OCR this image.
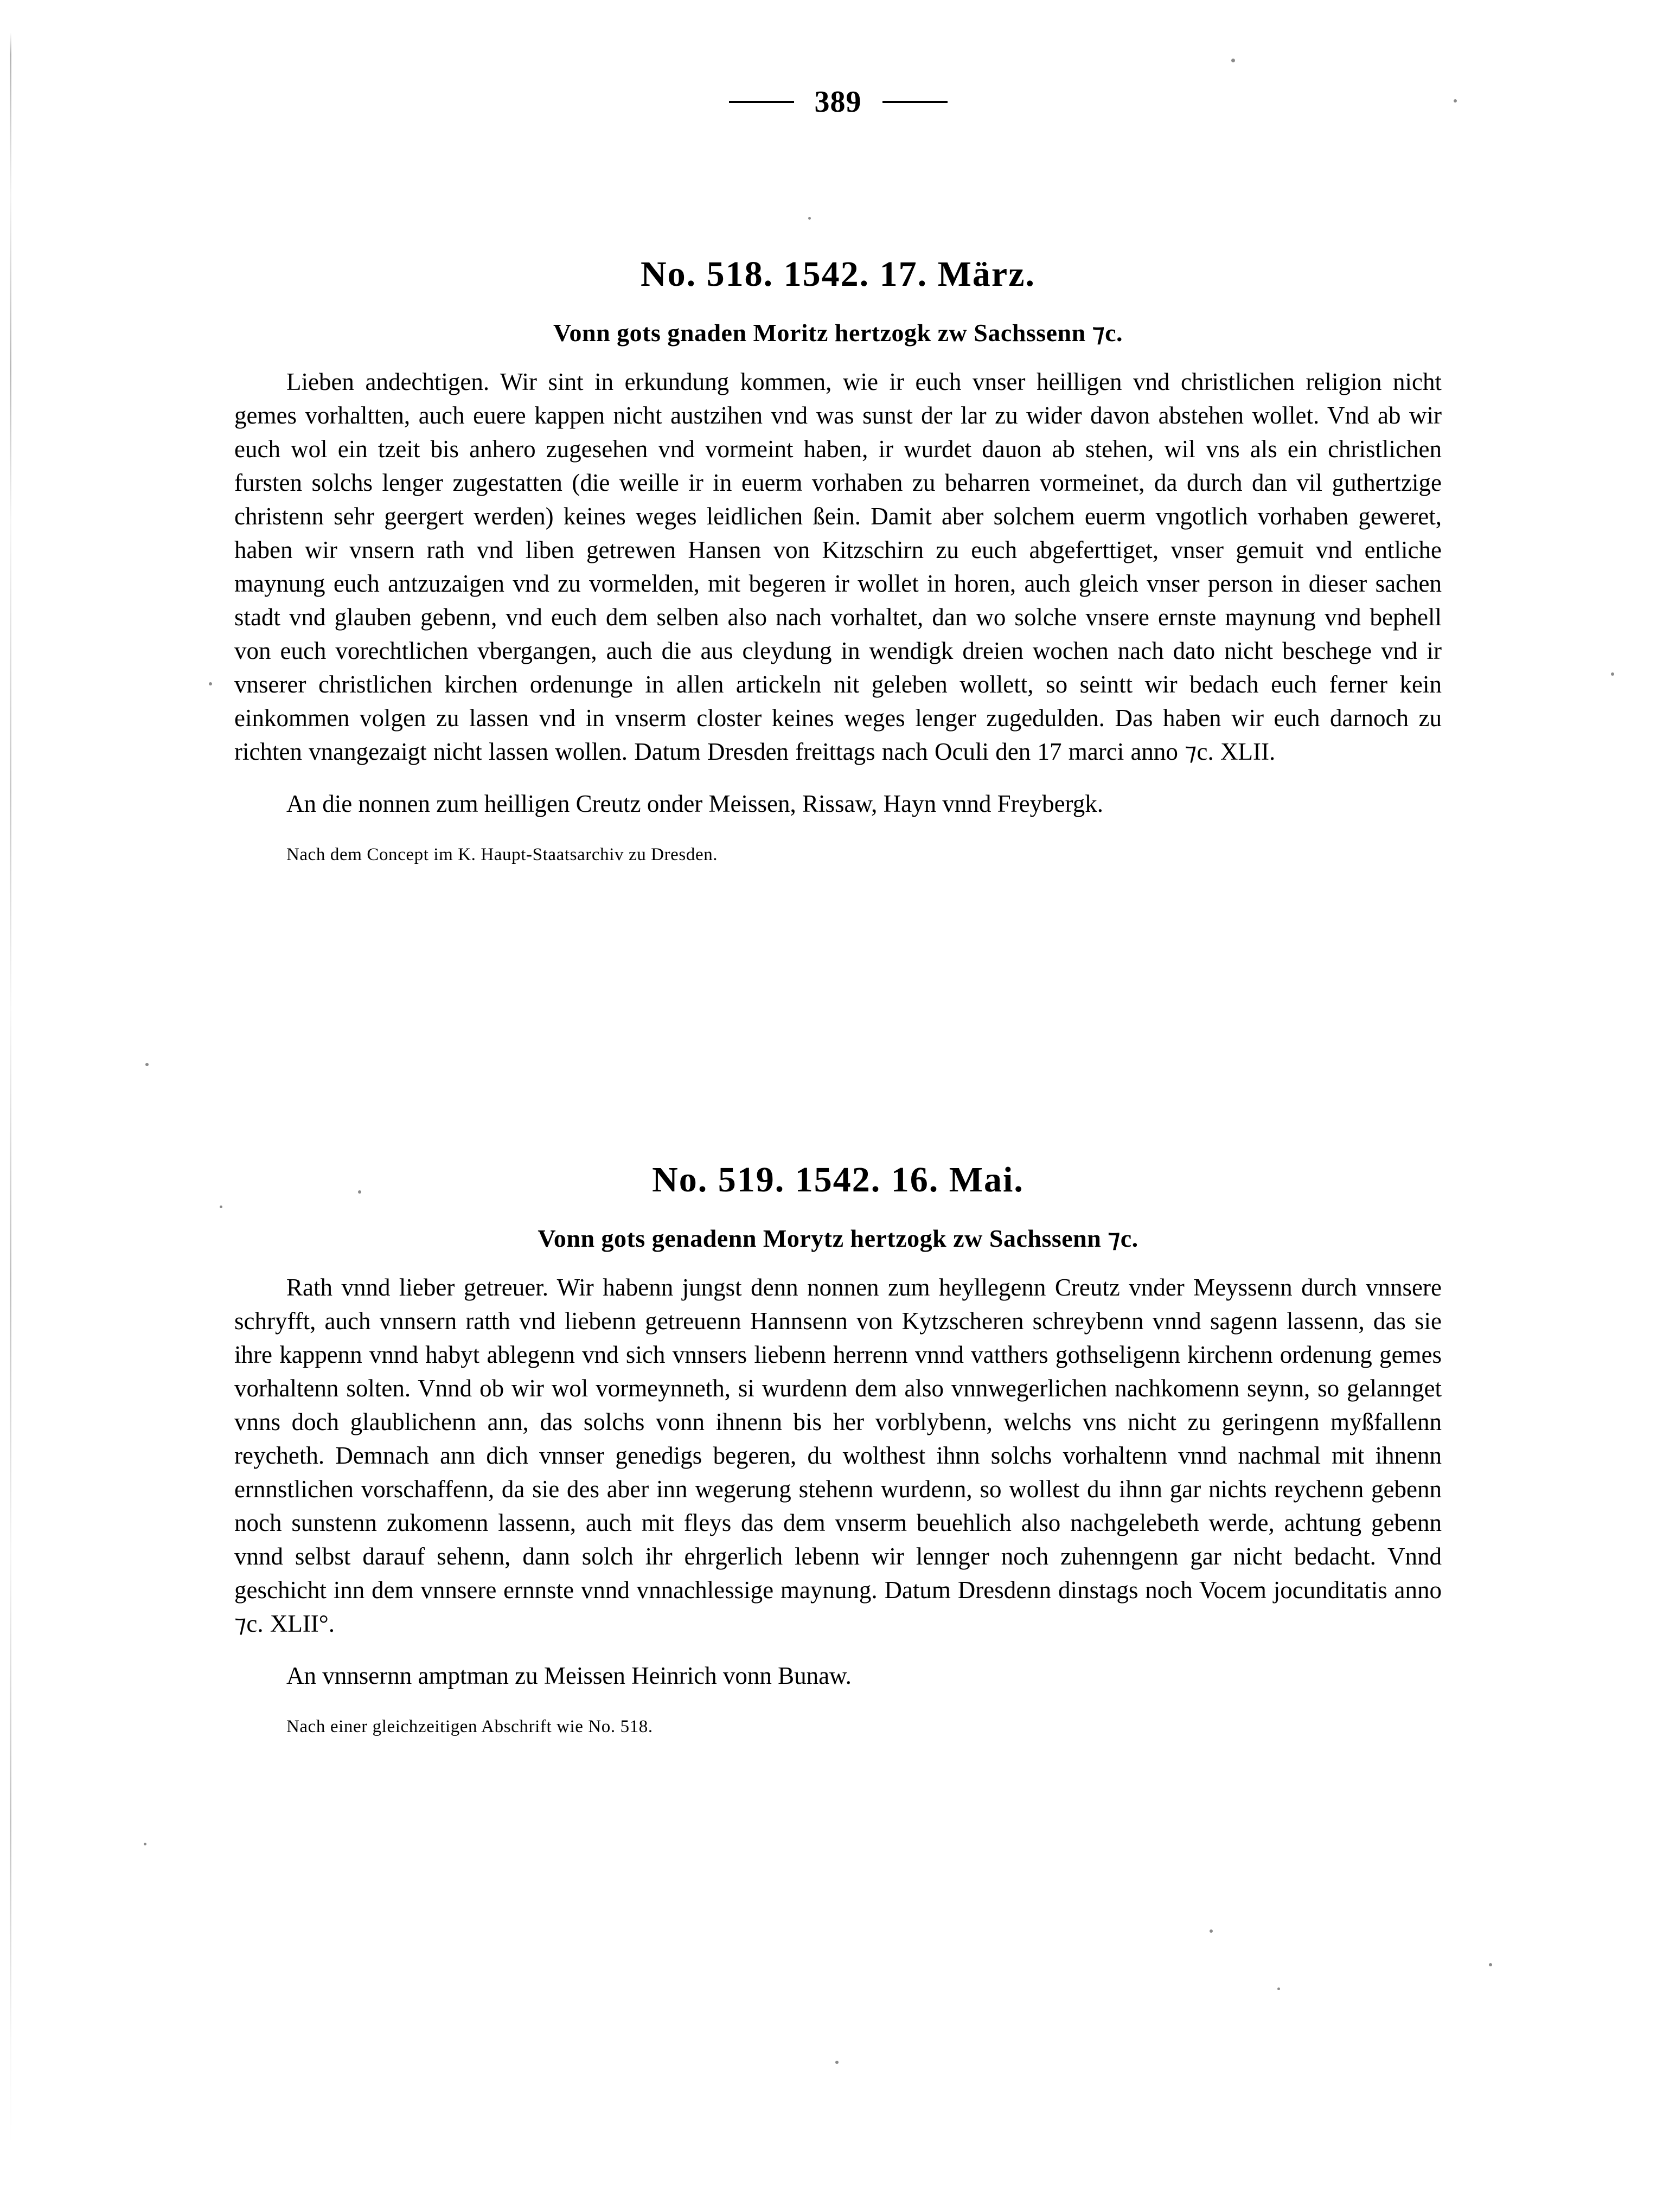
389
No. 518. 1542. 17. März.
Vonn gots gnaden Moritz hertzogk zw Sachssenn ⁊c.

Lieben andechtigen. Wir sint in erkundung kommen, wie ir euch vnser heilligen vnd christlichen religion nicht gemes vorhaltten, auch euere kappen nicht austzihen vnd was sunst der lar zu wider davon abstehen wollet. Vnd ab wir euch wol ein tzeit bis anhero zugesehen vnd vormeint haben, ir wurdet dauon ab stehen, wil vns als ein christlichen fursten solchs lenger zugestatten (die weille ir in euerm vorhaben zu beharren vormeinet, da durch dan vil guthertzige christenn sehr geergert werden) keines weges leidlichen ßein. Damit aber solchem euerm vngotlich vorhaben geweret, haben wir vnsern rath vnd liben getrewen Hansen von Kitzschirn zu euch abgeferttiget, vnser gemuit vnd entliche maynung euch antzuzaigen vnd zu vormelden, mit begeren ir wollet in horen, auch gleich vnser person in dieser sachen stadt vnd glauben gebenn, vnd euch dem selben also nach vorhaltet, dan wo solche vnsere ernste maynung vnd bephell von euch vorechtlichen vbergangen, auch die aus cleydung in wendigk dreien wochen nach dato nicht beschege vnd ir vnserer christlichen kirchen ordenunge in allen artickeln nit geleben wollett, so seintt wir bedach euch ferner kein einkommen volgen zu lassen vnd in vnserm closter keines weges lenger zugedulden. Das haben wir euch darnoch zu richten vnangezaigt nicht lassen wollen. Datum Dresden freittags nach Oculi den 17 marci anno ⁊c. XLII.

An die nonnen zum heilligen Creutz onder Meissen, Rissaw, Hayn vnnd Freybergk.

Nach dem Concept im K. Haupt-Staatsarchiv zu Dresden.

No. 519. 1542. 16. Mai.
Vonn gots genadenn Morytz hertzogk zw Sachssenn ⁊c.

Rath vnnd lieber getreuer. Wir habenn jungst denn nonnen zum heyllegenn Creutz vnder Meyssenn durch vnnsere schryfft, auch vnnsern ratth vnd liebenn getreuenn Hannsenn von Kytzscheren schreybenn vnnd sagenn lassenn, das sie ihre kappenn vnnd habyt ablegenn vnd sich vnnsers liebenn herrenn vnnd vatthers gothseligenn kirchenn ordenung gemes vorhaltenn solten. Vnnd ob wir wol vormeynneth, si wurdenn dem also vnnwegerlichen nachkomenn seynn, so gelannget vnns doch glaublichenn ann, das solchs vonn ihnenn bis her vorblybenn, welchs vns nicht zu geringenn myßfallenn reycheth. Demnach ann dich vnnser genedigs begeren, du wolthest ihnn solchs vorhaltenn vnnd nachmal mit ihnenn ernnstlichen vorschaffenn, da sie des aber inn wegerung stehenn wurdenn, so wollest du ihnn gar nichts reychenn gebenn noch sunstenn zukomenn lassenn, auch mit fleys das dem vnserm beuehlich also nachgelebeth werde, achtung gebenn vnnd selbst darauf sehenn, dann solch ihr ehrgerlich lebenn wir lennger noch zuhenngenn gar nicht bedacht. Vnnd geschicht inn dem vnnsere ernnste vnnd vnnachlessige maynung. Datum Dresdenn dinstags noch Vocem jocunditatis anno ⁊c. XLII°.

An vnnsernn amptman zu Meissen Heinrich vonn Bunaw.

Nach einer gleichzeitigen Abschrift wie No. 518.
